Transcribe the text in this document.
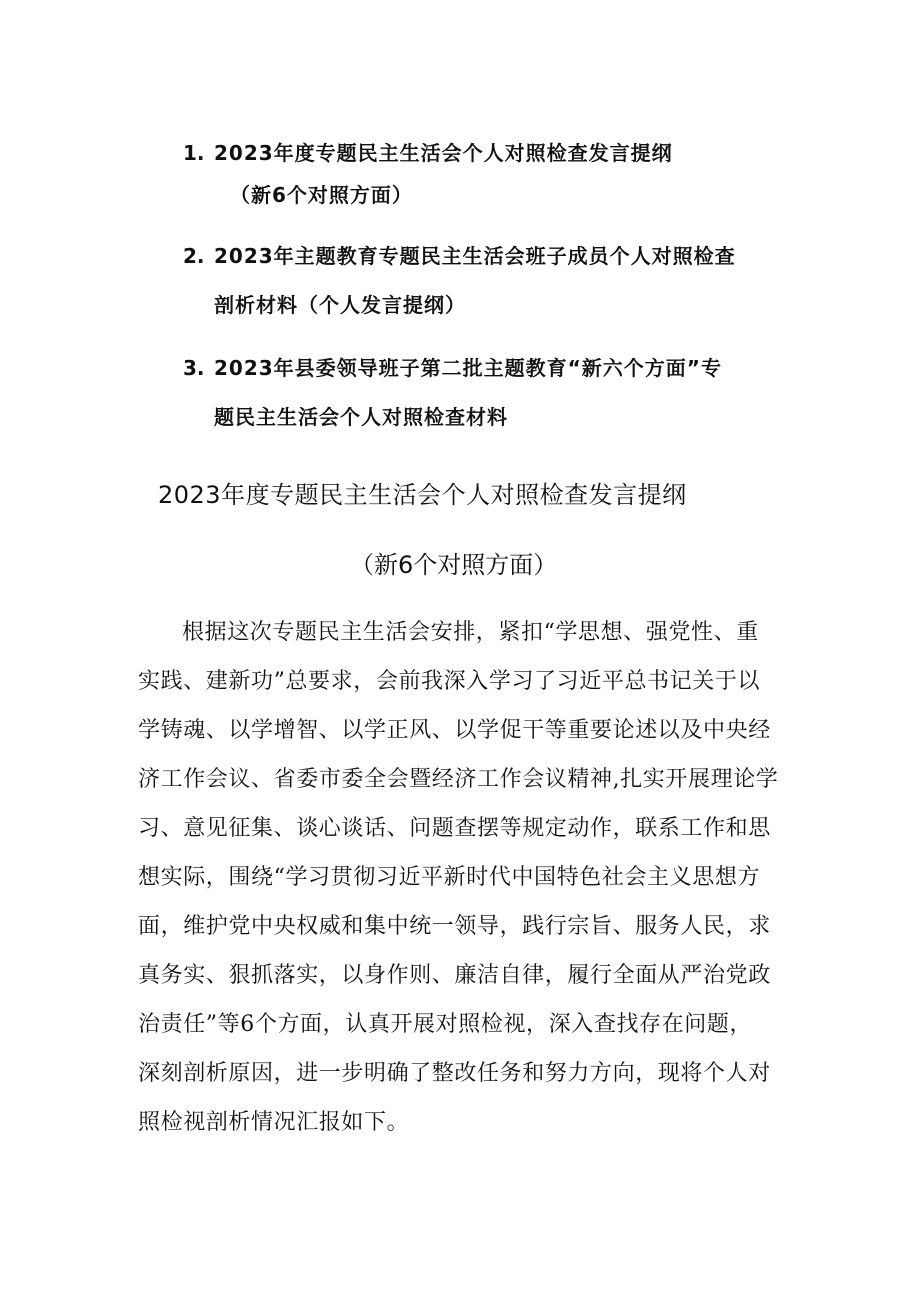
1. 2023年度专题民主生活会个人对照检查发言提纲
（新6个对照方面）
2. 2023年主题教育专题民主生活会班子成员个人对照检查
剖析材料（个人发言提纲）
3. 2023年县委领导班子第二批主题教育“新六个方面”专
题民主生活会个人对照检查材料
2023年度专题民主生活会个人对照检查发言提纲
（新6个对照方面）
根据这次专题民主生活会安排，紧扣“学思想、强党性、重
实践、建新功”总要求，会前我深入学习了习近平总书记关于以
学铸魂、以学增智、以学正风、以学促干等重要论述以及中央经
济工作会议、省委市委全会暨经济工作会议精神,扎实开展理论学
习、意见征集、谈心谈话、问题查摆等规定动作，联系工作和思
想实际，围绕“学习贯彻习近平新时代中国特色社会主义思想方
面，维护党中央权威和集中统一领导，践行宗旨、服务人民，求
真务实、狠抓落实，以身作则、廉洁自律，履行全面从严治党政
治责任”等6个方面，认真开展对照检视，深入查找存在问题，
深刻剖析原因，进一步明确了整改任务和努力方向，现将个人对
照检视剖析情况汇报如下。
